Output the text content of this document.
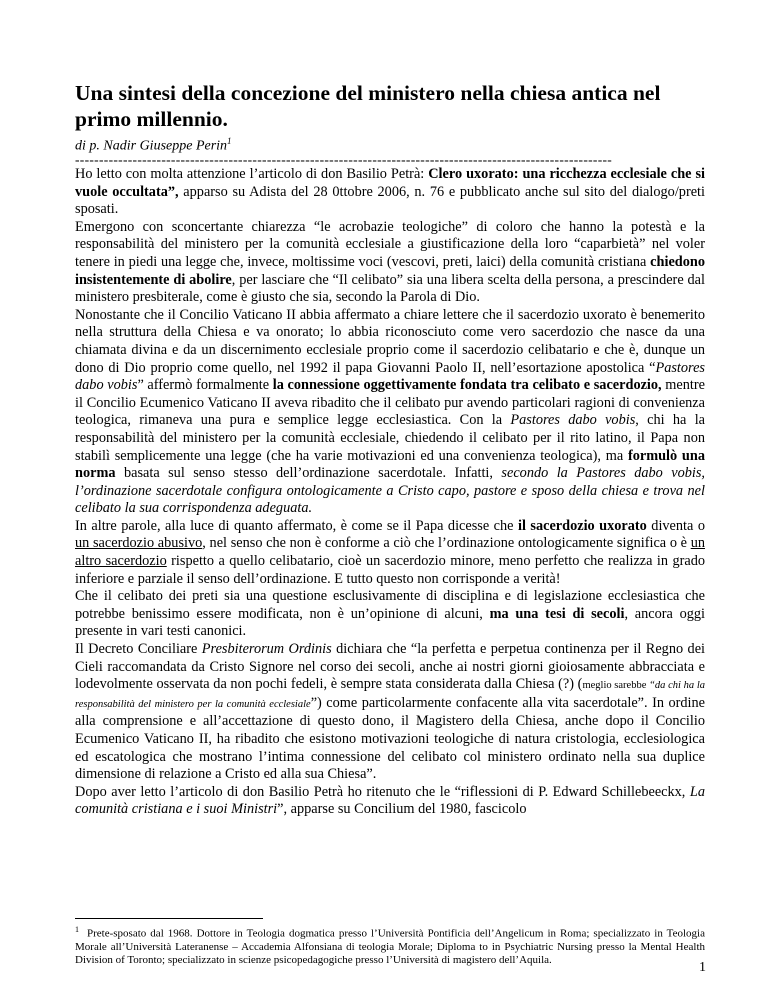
Una sintesi della concezione del ministero nella chiesa antica nel primo millennio.
di p. Nadir Giuseppe Perin$^1$
----------------------------------------------------------------------------------------------------------------

Ho letto con molta attenzione l’articolo di don Basilio Petrà: Clero uxorato: una ricchezza ecclesiale che si vuole occultata”, apparso su Adista del 28 0ttobre 2006, n. 76 e pubblicato anche sul sito del dialogo/preti sposati.

Emergono con sconcertante chiarezza “le acrobazie teologiche” di coloro che hanno la potestà e la responsabilità del ministero per la comunità ecclesiale a giustificazione della loro “caparbietà” nel voler tenere in piedi una legge che, invece, moltissime voci (vescovi, preti, laici) della comunità cristiana chiedono insistentemente di abolire, per lasciare che “Il celibato” sia una libera scelta della persona, a prescindere dal ministero presbiterale, come è giusto che sia, secondo la Parola di Dio.

Nonostante che il Concilio Vaticano II abbia affermato a chiare lettere che il sacerdozio uxorato è benemerito nella struttura della Chiesa e va onorato; lo abbia riconosciuto come vero sacerdozio che nasce da una chiamata divina e da un discernimento ecclesiale proprio come il sacerdozio celibatario e che è, dunque un dono di Dio proprio come quello, nel 1992 il papa Giovanni Paolo II, nell’esortazione apostolica “Pastores dabo vobis” affermò formalmente la connessione oggettivamente fondata tra celibato e sacerdozio, mentre il Concilio Ecumenico Vaticano II aveva ribadito che il celibato pur avendo particolari ragioni di convenienza teologica, rimaneva una pura e semplice legge ecclesiastica. Con la Pastores dabo vobis, chi ha la responsabilità del ministero per la comunità ecclesiale, chiedendo il celibato per il rito latino, il Papa non stabilì semplicemente una legge (che ha varie motivazioni ed una convenienza teologica), ma formulò una norma basata sul senso stesso dell’ordinazione sacerdotale. Infatti, secondo la Pastores dabo vobis, l’ordinazione sacerdotale configura ontologicamente a Cristo capo, pastore e sposo della chiesa e trova nel celibato la sua corrispondenza adeguata.

In altre parole, alla luce di quanto affermato, è come se il Papa dicesse che il sacerdozio uxorato diventa o un sacerdozio abusivo, nel senso che non è conforme a ciò che l’ordinazione ontologicamente significa o è un altro sacerdozio rispetto a quello celibatario, cioè un sacerdozio minore, meno perfetto che realizza in grado inferiore e parziale il senso dell’ordinazione. E tutto questo non corrisponde a verità!

Che il celibato dei preti sia una questione esclusivamente di disciplina e di legislazione ecclesiastica che potrebbe benissimo essere modificata, non è un’opinione di alcuni, ma una tesi di secoli, ancora oggi presente in vari testi canonici.

Il Decreto Conciliare Presbiterorum Ordinis dichiara che “la perfetta e perpetua continenza per il Regno dei Cieli raccomandata da Cristo Signore nel corso dei secoli, anche ai nostri giorni gioiosamente abbracciata e lodevolmente osservata da non pochi fedeli, è sempre stata considerata dalla Chiesa (?) (meglio sarebbe “da chi ha la responsabilità del ministero per la comunità ecclesiale”) come particolarmente confacente alla vita sacerdotale”. In ordine alla comprensione e all’accettazione di questo dono, il Magistero della Chiesa, anche dopo il Concilio Ecumenico Vaticano II, ha ribadito che esistono motivazioni teologiche di natura cristologia, ecclesiologica ed escatologica che mostrano l’intima connessione del celibato col ministero ordinato nella sua duplice dimensione di relazione a Cristo ed alla sua Chiesa”.

Dopo aver letto l’articolo di don Basilio Petrà ho ritenuto che le “riflessioni di P. Edward Schillebeeckx, La comunità cristiana e i suoi Ministri”, apparse su Concilium del 1980, fascicolo

$^1$ Prete-sposato dal 1968. Dottore in Teologia dogmatica presso l’Università Pontificia dell’Angelicum in Roma; specializzato in Teologia Morale all’Università Lateranense – Accademia Alfonsiana di teologia Morale; Diploma to in Psychiatric Nursing presso la Mental Health Division of Toronto; specializzato in scienze psicopedagogiche presso l’Università di magistero dell’Aquila.	1
